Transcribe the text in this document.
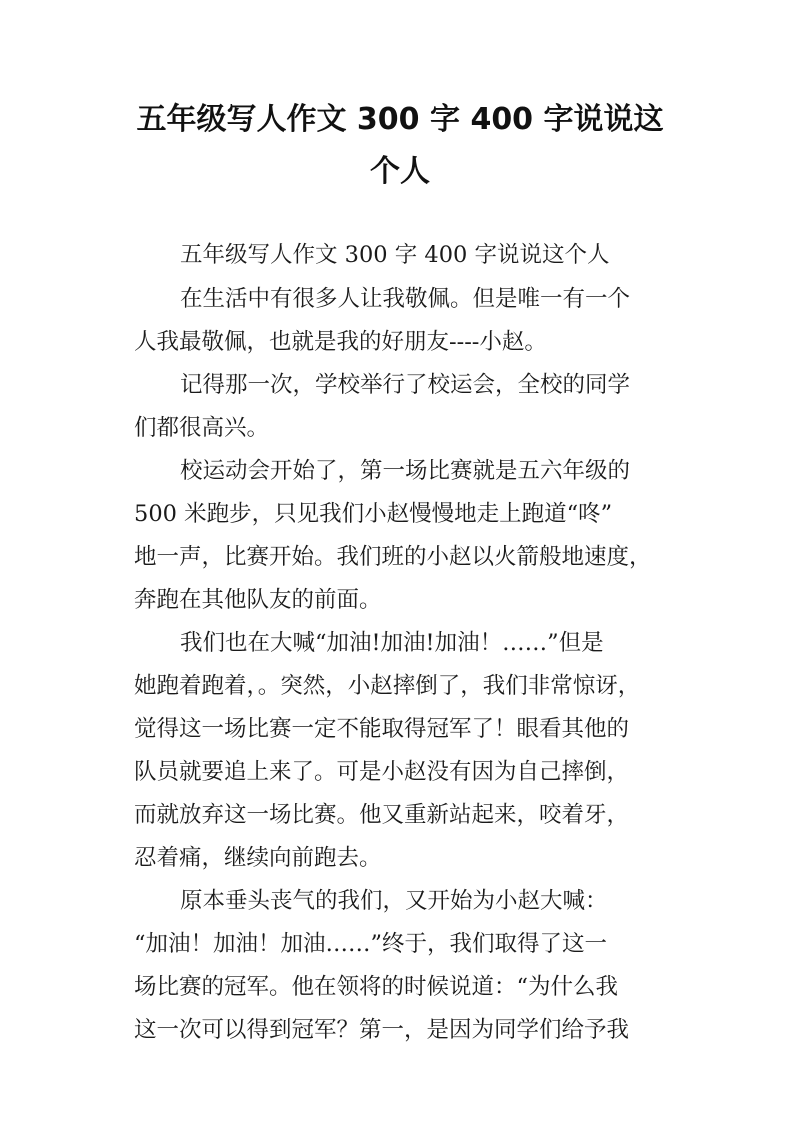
五年级写人作文 300 字 400 字说说这
个人

五年级写人作文 300 字 400 字说说这个人

在生活中有很多人让我敬佩。但是唯一有一个

人我最敬佩，也就是我的好朋友----小赵。

记得那一次，学校举行了校运会，全校的同学

们都很高兴。

校运动会开始了，第一场比赛就是五六年级的

500 米跑步，只见我们小赵慢慢地走上跑道“咚”

地一声，比赛开始。我们班的小赵以火箭般地速度，

奔跑在其他队友的前面。

我们也在大喊“加油!加油!加油！……”但是

她跑着跑着，。突然，小赵摔倒了，我们非常惊讶，

觉得这一场比赛一定不能取得冠军了！眼看其他的

队员就要追上来了。可是小赵没有因为自己摔倒，

而就放弃这一场比赛。他又重新站起来，咬着牙，

忍着痛，继续向前跑去。

原本垂头丧气的我们，又开始为小赵大喊：

“加油！加油！加油……”终于，我们取得了这一

场比赛的冠军。他在领将的时候说道：“为什么我

这一次可以得到冠军？第一，是因为同学们给予我
